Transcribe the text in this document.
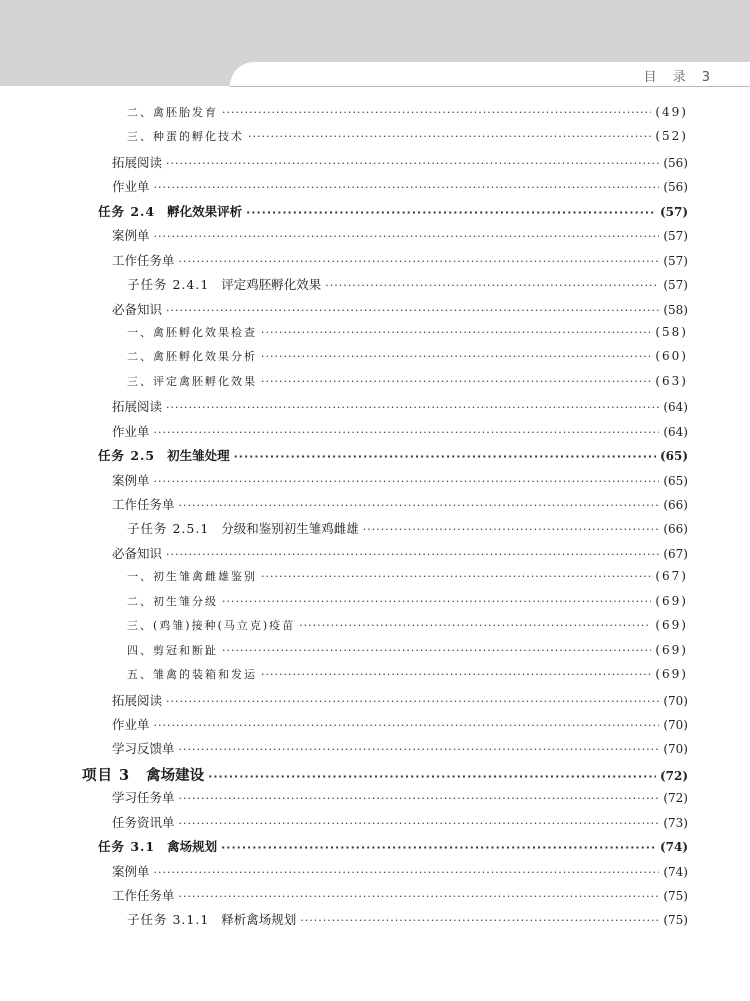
目 录 3
二、禽胚胎发育 ·····	(49)
三、种蛋的孵化技术 ·····	(52)
拓展阅读 ·····	(56)
作业单 ·····	(56)
任务 2.4 孵化效果评析 ·····	(57)
案例单 ·····	(57)
工作任务单 ·····	(57)
子任务 2.4.1 评定鸡胚孵化效果 ·····	(57)
必备知识 ·····	(58)
一、禽胚孵化效果检查 ·····	(58)
二、禽胚孵化效果分析 ·····	(60)
三、评定禽胚孵化效果 ·····	(63)
拓展阅读 ·····	(64)
作业单 ·····	(64)
任务 2.5 初生雏处理 ·····	(65)
案例单 ·····	(65)
工作任务单 ·····	(66)
子任务 2.5.1 分级和鉴别初生雏鸡雌雄 ·····	(66)
必备知识 ·····	(67)
一、初生雏禽雌雄鉴别 ·····	(67)
二、初生雏分级 ·····	(69)
三、(鸡雏)接种(马立克)疫苗 ·····	(69)
四、剪冠和断趾 ·····	(69)
五、雏禽的装箱和发运 ·····	(69)
拓展阅读 ·····	(70)
作业单 ·····	(70)
学习反馈单 ·····	(70)
项目 3 禽场建设 ·····	(72)
学习任务单 ·····	(72)
任务资讯单 ·····	(73)
任务 3.1 禽场规划 ·····	(74)
案例单 ·····	(74)
工作任务单 ·····	(75)
子任务 3.1.1 释析禽场规划 ·····	(75)
